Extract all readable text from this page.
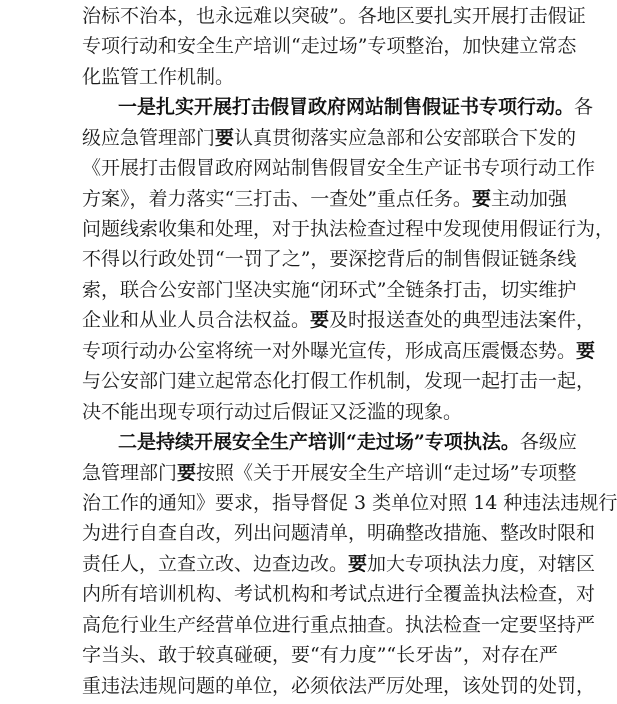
治标不治本，也永远难以突破”。各地区要扎实开展打击假证
专项行动和安全生产培训“走过场”专项整治，加快建立常态
化监管工作机制。
一是扎实开展打击假冒政府网站制售假证书专项行动。各
级应急管理部门要认真贯彻落实应急部和公安部联合下发的
《开展打击假冒政府网站制售假冒安全生产证书专项行动工作
方案》，着力落实“三打击、一查处”重点任务。要主动加强
问题线索收集和处理，对于执法检查过程中发现使用假证行为，
不得以行政处罚“一罚了之”，要深挖背后的制售假证链条线
索，联合公安部门坚决实施“闭环式”全链条打击，切实维护
企业和从业人员合法权益。要及时报送查处的典型违法案件，
专项行动办公室将统一对外曝光宣传，形成高压震慑态势。要
与公安部门建立起常态化打假工作机制，发现一起打击一起，
决不能出现专项行动过后假证又泛滥的现象。
二是持续开展安全生产培训“走过场”专项执法。各级应
急管理部门要按照《关于开展安全生产培训“走过场”专项整
治工作的通知》要求，指导督促 3 类单位对照 14 种违法违规行
为进行自查自改，列出问题清单，明确整改措施、整改时限和
责任人，立查立改、边查边改。要加大专项执法力度，对辖区
内所有培训机构、考试机构和考试点进行全覆盖执法检查，对
高危行业生产经营单位进行重点抽查。执法检查一定要坚持严
字当头、敢于较真碰硬，要“有力度”“长牙齿”，对存在严
重违法违规问题的单位，必须依法严厉处理，该处罚的处罚，
